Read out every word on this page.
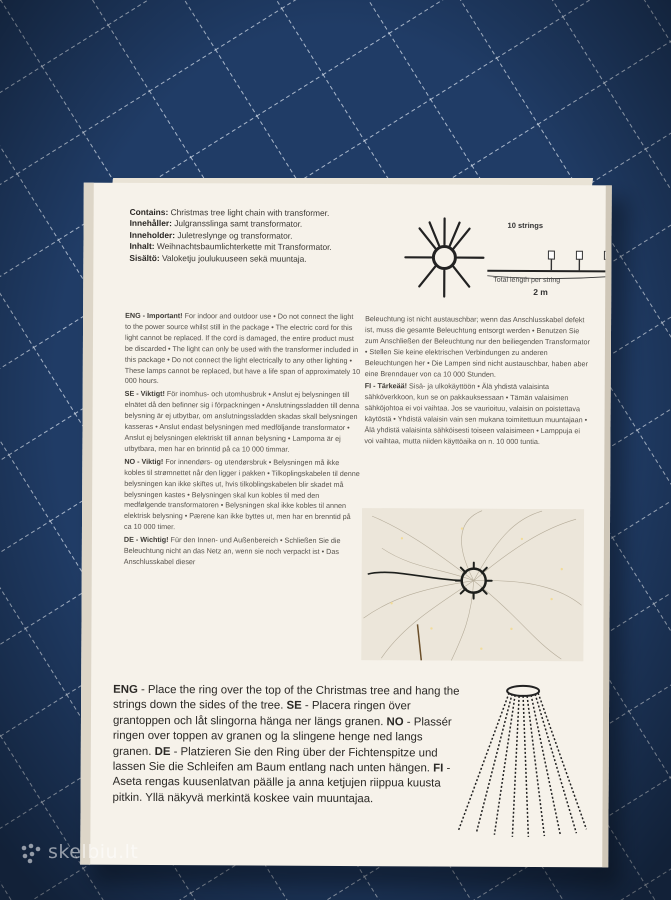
Contains: Christmas tree light chain with transformer.
Innehåller: Julgransslinga samt transformator.
Inneholder: Juletreslynge og transformator.
Inhalt: Weihnachtsbaumlichterkette mit Transformator.
Sisältö: Valoketju joulukuuseen sekä muuntaja.
10 strings
Total length per string
2 m

ENG - Important! For indoor and outdoor use • Do not connect the light to the power source whilst still in the package • The electric cord for this light cannot be replaced. If the cord is damaged, the entire product must be discarded • The light can only be used with the transformer included in this package • Do not connect the light electrically to any other lighting • These lamps cannot be replaced, but have a life span of approximately 10 000 hours.

SE - Viktigt! För inomhus- och utomhusbruk • Anslut ej belysningen till elnätet då den befinner sig i förpackningen • Anslutningssladden till denna belysning är ej utbytbar, om anslutningssladden skadas skall belysningen kasseras • Anslut endast belysningen med medföljande transformator • Anslut ej belysningen elektriskt till annan belysning • Lamporna är ej utbytbara, men har en brinntid på ca 10 000 timmar.

NO - Viktig! For innendørs- og utendørsbruk • Belysningen må ikke kobles til strømnettet når den ligger i pakken • Tilkoplingskabelen til denne belysningen kan ikke skiftes ut, hvis tilkoblingskabelen blir skadet må belysningen kastes • Belysningen skal kun kobles til med den medfølgende transformatoren • Belysningen skal ikke kobles til annen elektrisk belysning • Pærene kan ikke byttes ut, men har en brenntid på ca 10 000 timer.

DE - Wichtig! Für den Innen- und Außenbereich • Schließen Sie die Beleuchtung nicht an das Netz an, wenn sie noch verpackt ist • Das Anschlusskabel dieser

Beleuchtung ist nicht austauschbar; wenn das Anschlusskabel defekt ist, muss die gesamte Beleuchtung entsorgt werden • Benutzen Sie zum Anschließen der Beleuchtung nur den beiliegenden Transformator • Stellen Sie keine elektrischen Verbindungen zu anderen Beleuchtungen her • Die Lampen sind nicht austauschbar, haben aber eine Brenndauer von ca 10 000 Stunden.

FI - Tärkeää! Sisä- ja ulkokäyttöön • Älä yhdistä valaisinta sähköverkkoon, kun se on pakkauksessaan • Tämän valaisimen sähköjohtoa ei voi vaihtaa. Jos se vaurioituu, valaisin on poistettava käytöstä • Yhdistä valaisin vain sen mukana toimitettuun muuntajaan • Älä yhdistä valaisinta sähköisesti toiseen valaisimeen • Lamppuja ei voi vaihtaa, mutta niiden käyttöaika on n. 10 000 tuntia.

ENG - Place the ring over the top of the Christmas tree and hang the strings down the sides of the tree. SE - Placera ringen över grantoppen och låt slingorna hänga ner längs granen. NO - Plassér ringen over toppen av granen og la slingene henge ned langs granen. DE - Platzieren Sie den Ring über der Fichtenspitze und lassen Sie die Schleifen am Baum entlang nach unten hängen. FI - Aseta rengas kuusenlatvan päälle ja anna ketjujen riippua kuusta pitkin. Yllä näkyvä merkintä koskee vain muuntajaa.
skelbiu.lt
